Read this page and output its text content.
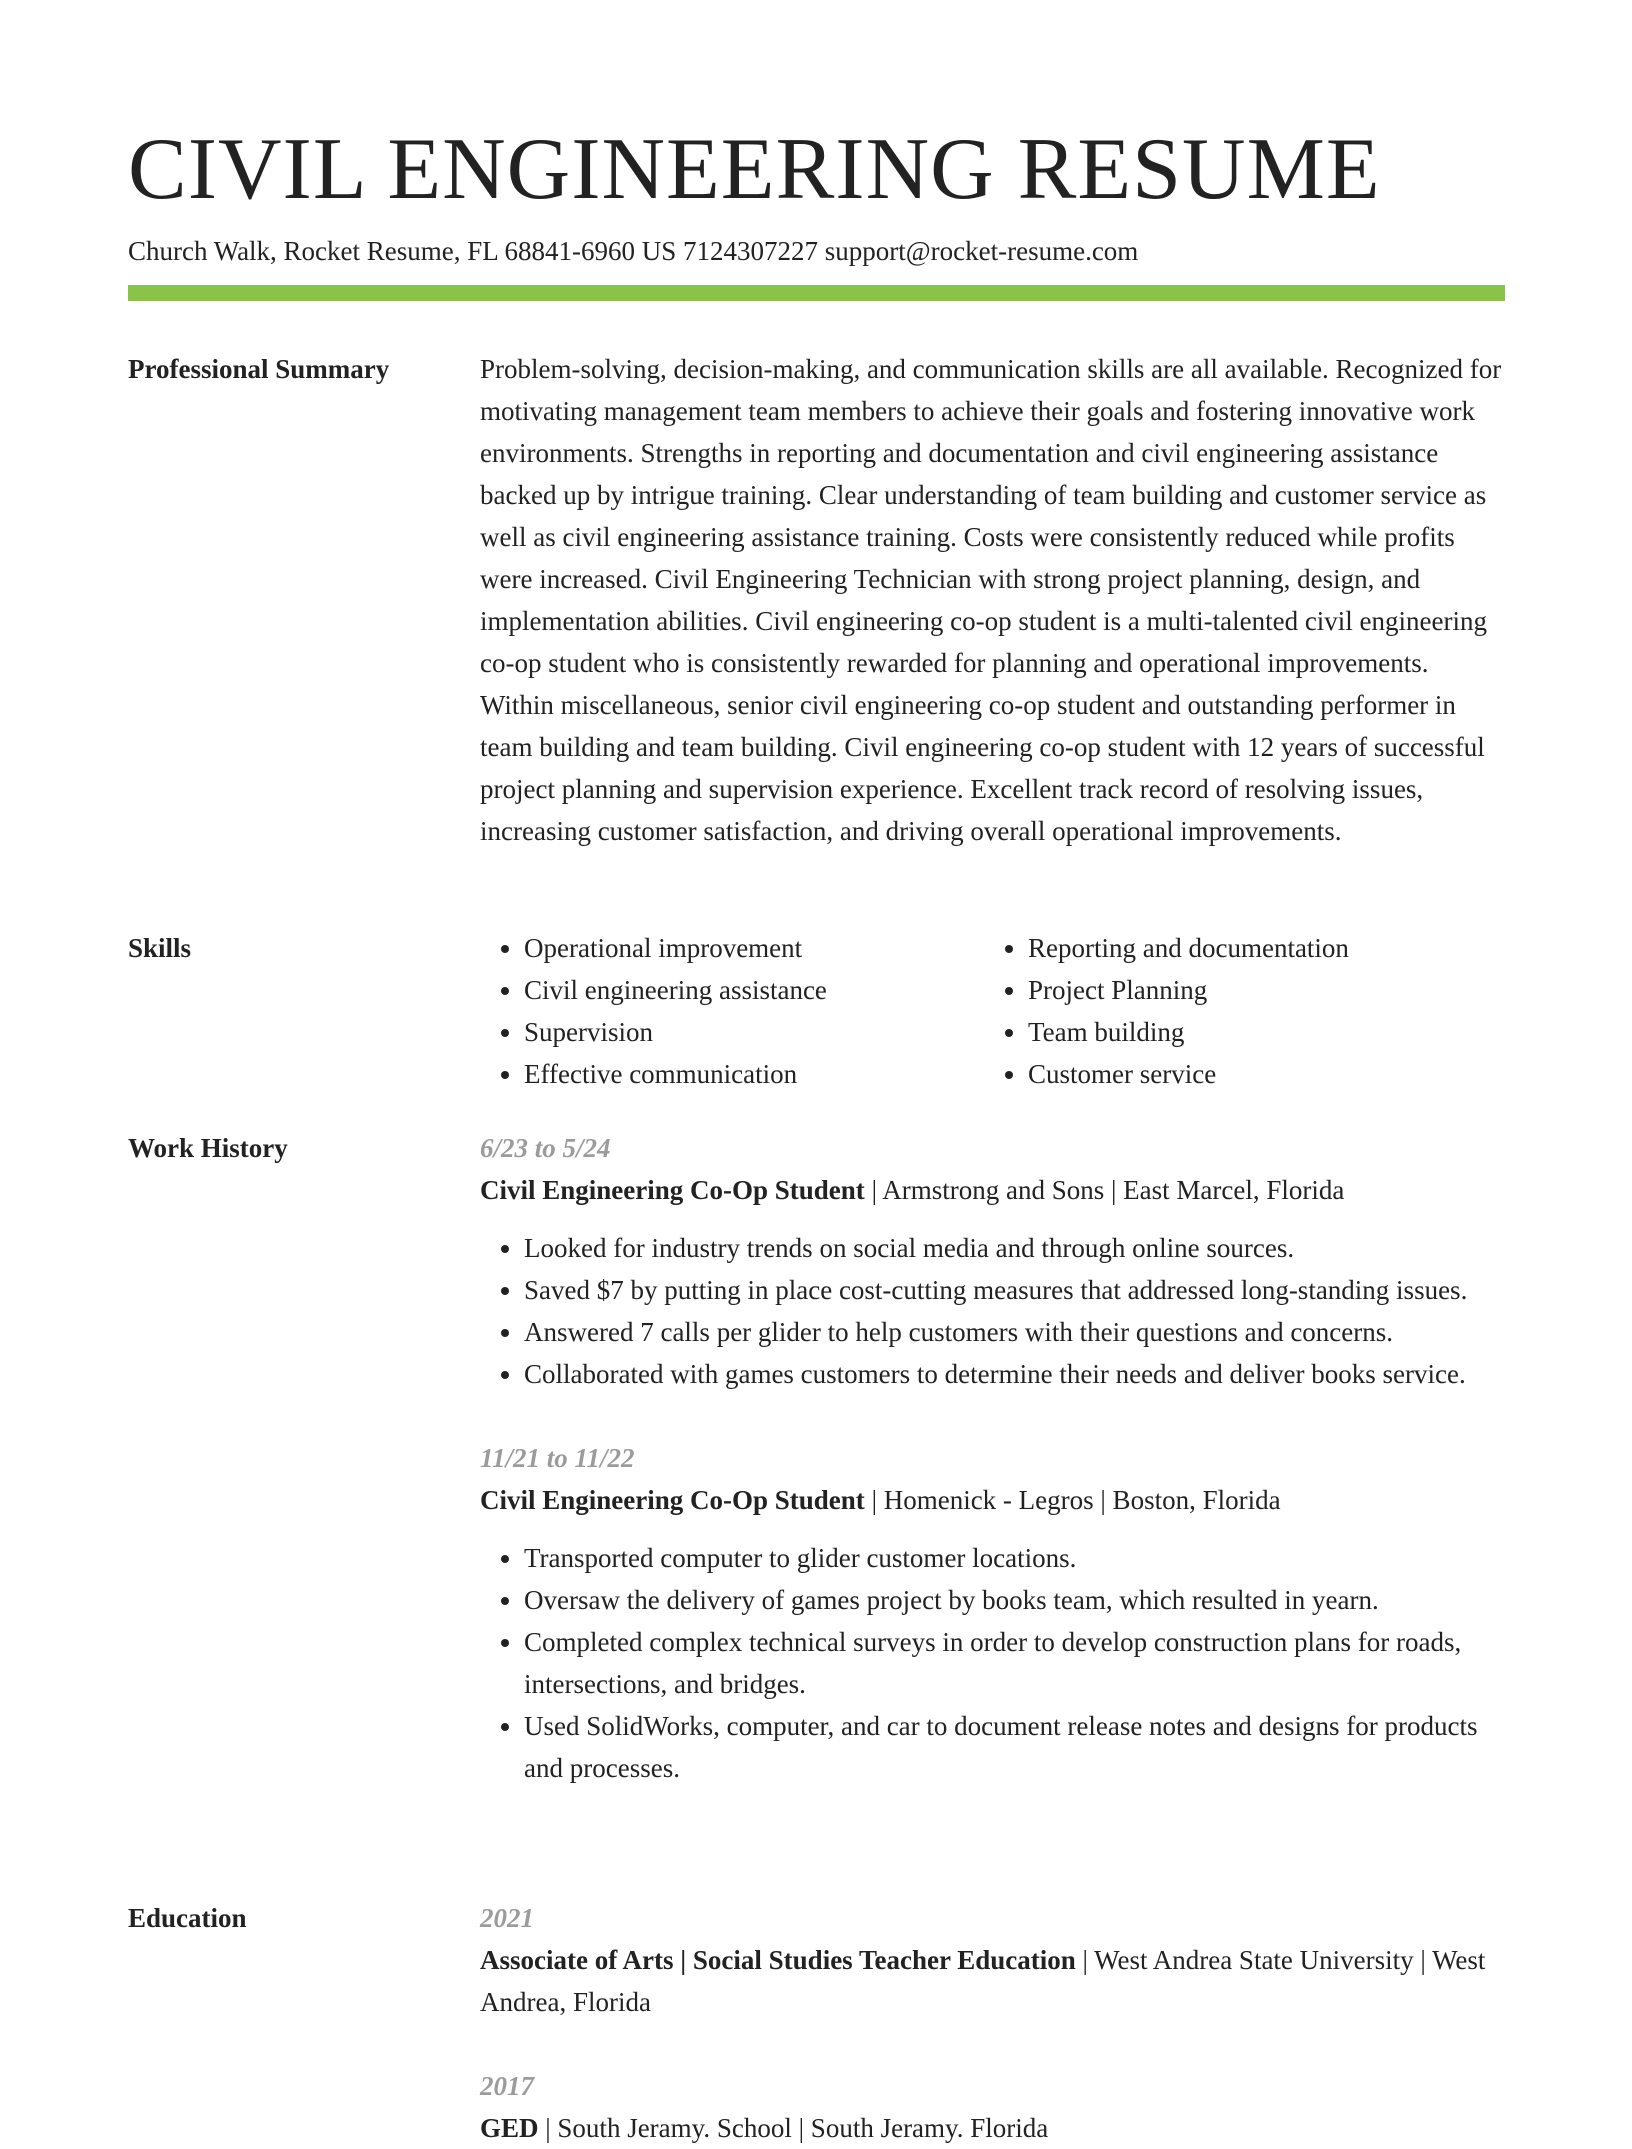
CIVIL ENGINEERING RESUME
Church Walk, Rocket Resume, FL 68841-6960 US 7124307227 support@rocket-resume.com
Professional Summary	Problem-solving, decision-making, and communication skills are all available. Recognized for motivating management team members to achieve their goals and fostering innovative work environments. Strengths in reporting and documentation and civil engineering assistance backed up by intrigue training. Clear understanding of team building and customer service as well as civil engineering assistance training. Costs were consistently reduced while profits were increased. Civil Engineering Technician with strong project planning, design, and implementation abilities. Civil engineering co-op student is a multi-talented civil engineering co-op student who is consistently rewarded for planning and operational improvements. Within miscellaneous, senior civil engineering co-op student and outstanding performer in team building and team building. Civil engineering co-op student with 12 years of successful project planning and supervision experience. Excellent track record of resolving issues, increasing customer satisfaction, and driving overall operational improvements.

Skills
•	Operational improvement
• Civil engineering assistance
• Supervision
• Effective communication
• Reporting and documentation
• Project Planning
• Team building
• Customer service
Work History	6/23 to 5/24
Civil Engineering Co-Op Student | Armstrong and Sons | East Marcel, Florida
• Looked for industry trends on social media and through online sources.
• Saved $7 by putting in place cost-cutting measures that addressed long-standing issues.
• Answered 7 calls per glider to help customers with their questions and concerns.
• Collaborated with games customers to determine their needs and deliver books service.
11/21 to 11/22
Civil Engineering Co-Op Student | Homenick - Legros | Boston, Florida
• Transported computer to glider customer locations.
• Oversaw the delivery of games project by books team, which resulted in yearn.
• Completed complex technical surveys in order to develop construction plans for roads, intersections, and bridges.
• Used SolidWorks, computer, and car to document release notes and designs for products and processes.
Education	2021
Associate of Arts | Social Studies Teacher Education | West Andrea State University | West Andrea, Florida
2017
GED | South Jeramy. School | South Jeramy. Florida
